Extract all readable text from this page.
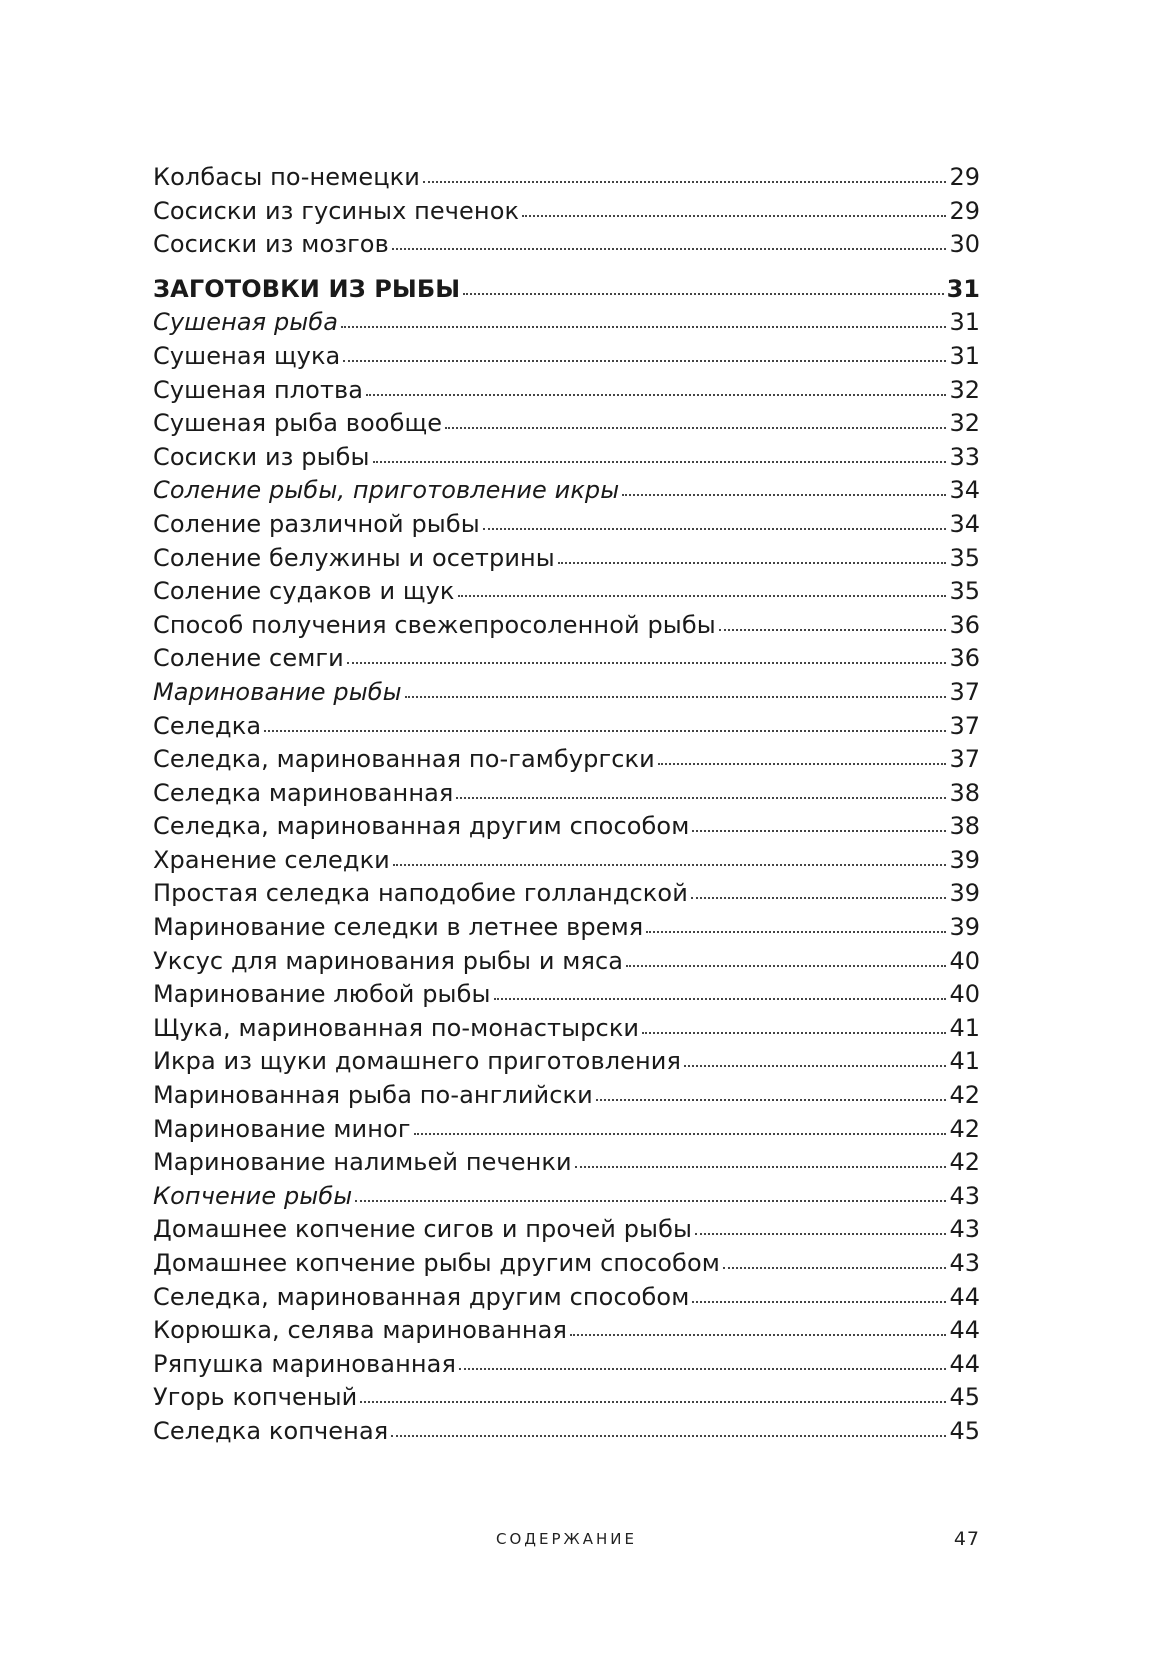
Колбасы по-немецки	29
Сосиски из гусиных печенок	29
Сосиски из мозгов	30
ЗАГОТОВКИ ИЗ РЫБЫ	31
Сушеная рыба	31
Сушеная щука	31
Сушеная плотва	32
Сушеная рыба вообще	32
Сосиски из рыбы	33
Соление рыбы, приготовление икры	34
Соление различной рыбы	34
Соление белужины и осетрины	35
Соление судаков и щук	35
Способ получения свежепросоленной рыбы	36
Соление семги	36
Маринование рыбы	37
Селедка	37
Селедка, маринованная по-гамбургски	37
Селедка маринованная	38
Селедка, маринованная другим способом	38
Хранение селедки	39
Простая селедка наподобие голландской	39
Маринование селедки в летнее время	39
Уксус для маринования рыбы и мяса	40
Маринование любой рыбы	40
Щука, маринованная по-монастырски	41
Икра из щуки домашнего приготовления	41
Маринованная рыба по-английски	42
Маринование миног	42
Маринование налимьей печенки	42
Копчение рыбы	43
Домашнее копчение сигов и прочей рыбы	43
Домашнее копчение рыбы другим способом	43
Селедка, маринованная другим способом	44
Корюшка, селява маринованная	44
Ряпушка маринованная	44
Угорь копченый	45
Селедка копченая	45
СОДЕРЖАНИЕ	47
